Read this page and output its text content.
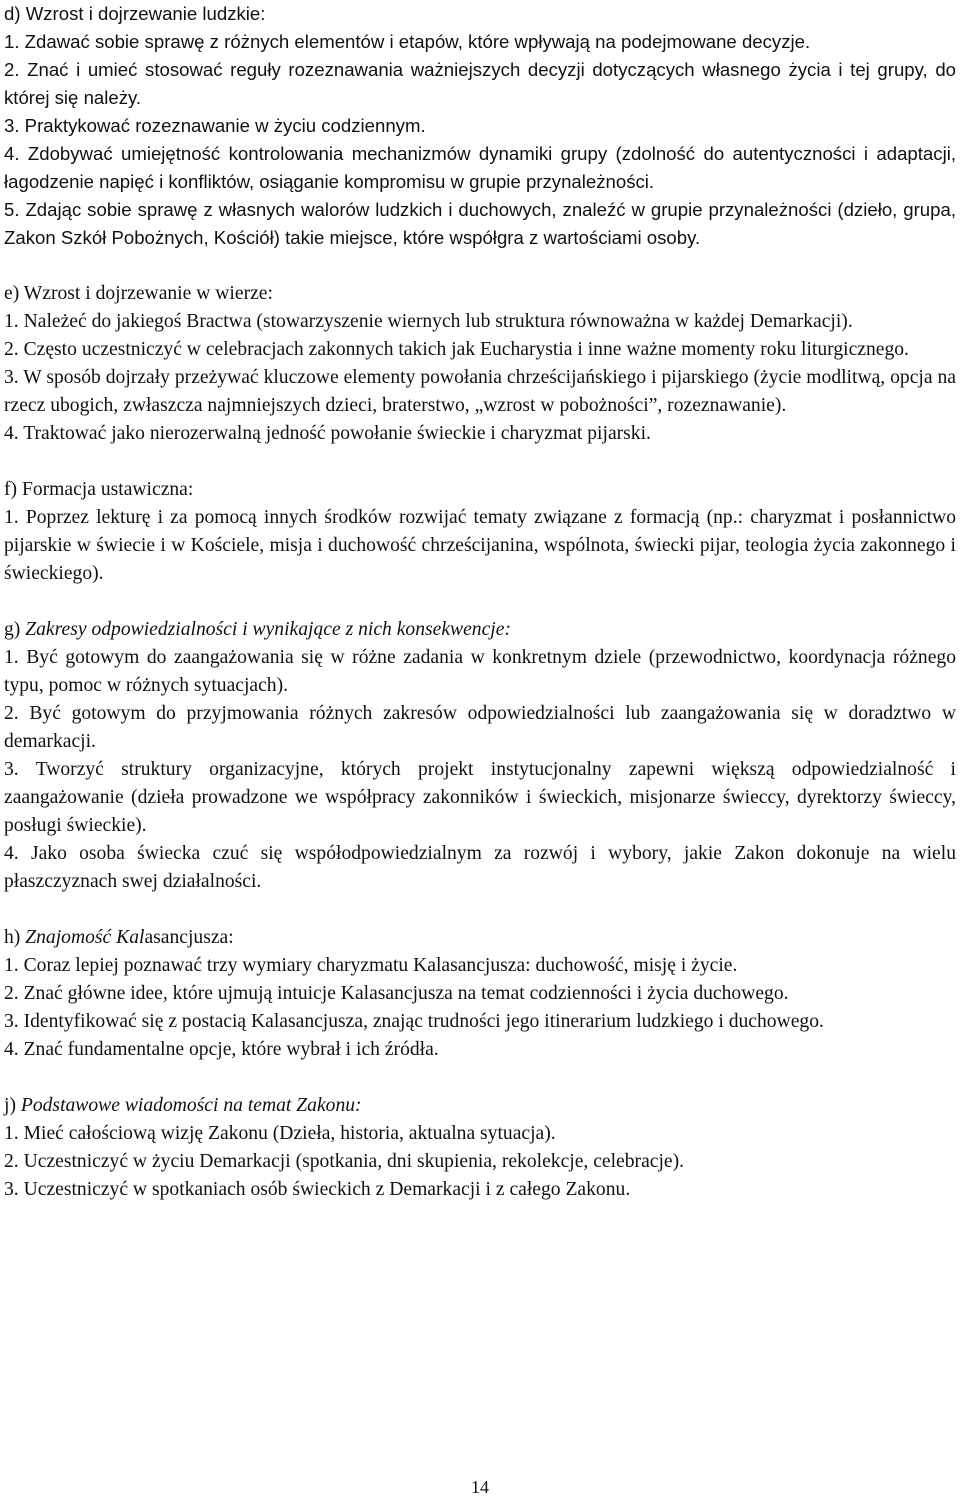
d) Wzrost i dojrzewanie ludzkie:

1. Zdawać sobie sprawę z różnych elementów i etapów, które wpływają na podejmowane decyzje.

2. Znać i umieć stosować reguły rozeznawania ważniejszych decyzji dotyczących własnego życia i tej grupy, do której się należy.

3. Praktykować rozeznawanie w życiu codziennym.

4. Zdobywać umiejętność kontrolowania mechanizmów dynamiki grupy (zdolność do autentyczności i adaptacji, łagodzenie napięć i konfliktów, osiąganie kompromisu w grupie przynależności.

5. Zdając sobie sprawę z własnych walorów ludzkich i duchowych, znaleźć w grupie przynależności (dzieło, grupa, Zakon Szkół Pobożnych, Kościół) takie miejsce, które współgra z wartościami osoby.

e) Wzrost i dojrzewanie w wierze:

1. Należeć do jakiegoś Bractwa (stowarzyszenie wiernych lub struktura równoważna w każdej Demarkacji).

2. Często uczestniczyć w celebracjach zakonnych takich jak Eucharystia i inne ważne momenty roku liturgicznego.

3. W sposób dojrzały przeżywać kluczowe elementy powołania chrześcijańskiego i pijarskiego (życie modlitwą, opcja na rzecz ubogich, zwłaszcza najmniejszych dzieci, braterstwo, „wzrost w pobożności”, rozeznawanie).

4. Traktować jako nierozerwalną jedność powołanie świeckie i charyzmat pijarski.

f) Formacja ustawiczna:

1. Poprzez lekturę i za pomocą innych środków rozwijać tematy związane z formacją (np.: charyzmat i posłannictwo pijarskie w świecie i w Kościele, misja i duchowość chrześcijanina, wspólnota, świecki pijar, teologia życia zakonnego i świeckiego).

g) Zakresy odpowiedzialności i wynikające z nich konsekwencje:

1. Być gotowym do zaangażowania się w różne zadania w konkretnym dziele (przewodnictwo, koordynacja różnego typu, pomoc w różnych sytuacjach).

2. Być gotowym do przyjmowania różnych zakresów odpowiedzialności lub zaangażowania się w doradztwo w demarkacji.

3. Tworzyć struktury organizacyjne, których projekt instytucjonalny zapewni większą odpowiedzialność i zaangażowanie (dzieła prowadzone we współpracy zakonników i świeckich, misjonarze świeccy, dyrektorzy świeccy, posługi świeckie).

4. Jako osoba świecka czuć się współodpowiedzialnym za rozwój i wybory, jakie Zakon dokonuje na wielu płaszczyznach swej działalności.

h) Znajomość Kalasancjusza:

1. Coraz lepiej poznawać trzy wymiary charyzmatu Kalasancjusza: duchowość, misję i życie.

2. Znać główne idee, które ujmują intuicje Kalasancjusza na temat codzienności i życia duchowego.

3. Identyfikować się z postacią Kalasancjusza, znając trudności jego itinerarium ludzkiego i duchowego.

4. Znać fundamentalne opcje, które wybrał i ich źródła.

j) Podstawowe wiadomości na temat Zakonu:

1. Mieć całościową wizję Zakonu (Dzieła, historia, aktualna sytuacja).

2. Uczestniczyć w życiu Demarkacji (spotkania, dni skupienia, rekolekcje, celebracje).

3. Uczestniczyć w spotkaniach osób świeckich z Demarkacji i z całego Zakonu.

14
